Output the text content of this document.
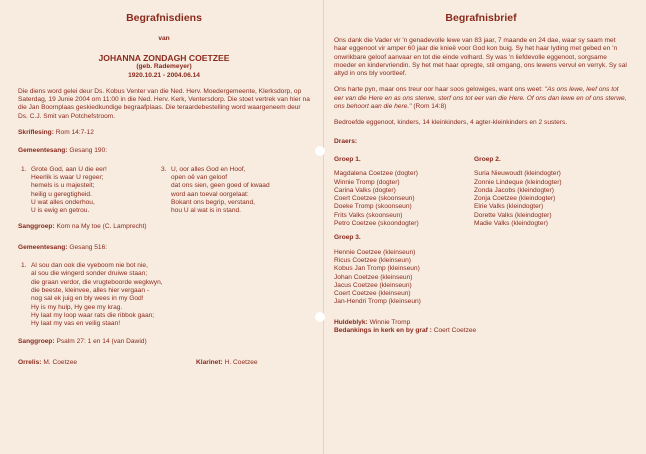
Begrafnisdiens

van

JOHANNA ZONDAGH COETZEE

(geb. Rademeyer)

1920.10.21 - 2004.06.14

Die diens word gelei deur Ds. Kobus Venter van die Ned. Herv. Moedergemeente, Klerksdorp, op Saterdag, 19 Junie 2004 om 11:00 in die Ned. Herv. Kerk, Ventersdorp. Die stoet vertrek van hier na die Jan Boomplaas geskiedkundige begraafplaas. Die teraardebestelling word waargeneem deur Ds. C.J. Smit van Potchefstroom.

Skriflesing: Rom 14:7-12

Gemeentesang: Gesang 190:

1. Grote God, aan U die eer!
Heerlik is waar U regeer;
hemels is u majesteit;
heilig u geregtigheid.
U wat alles onderhou,
U is ewig en getrou.
3. U, oor alles God en Hoof,
open oë van geloof
dat ons sien, geen goed of kwaad
word aan toeval oorgelaat:
Bokant ons begrip, verstand,
hou U al wat is in stand.

Sanggroep: Kom na My toe (C. Lamprecht)

Gemeentesang: Gesang 516:

1. Al sou dan ook die vyeboom nie bot nie,
al sou die wingerd sonder druiwe staan;
die graan verdor, die vrugteboorde wegkwyn,
die beeste, kleinvee, alles hier vergaan -
nog sal ek juig en bly wees in my God!
Hy is my hulp, Hy gee my krag.
Hy laat my loop waar rats die ribbok gaan;
Hy laat my vas en veilig staan!

Sanggroep: Psalm 27: 1 en 14 (van Dawid)

Orrelis: M. Coetzee	Klarinet: H. Coetzee

Begrafnisbrief

Ons dank die Vader vir 'n genadevolle lewe van 83 jaar, 7 maande en 24 dae, waar sy saam met haar eggenoot vir amper 60 jaar die knieë voor God kon buig. Sy het haar lyding met gebed en 'n onwrikbare geloof aanvaar en tot die einde volhard. Sy was 'n liefdevolle eggenoot, sorgsame moeder en kindervriendin. Sy het met haar opregte, stil omgang, ons lewens vervul en verryk. Sy sal altyd in ons bly voortleef.

Ons harte pyn, maar ons treur oor haar soos gelowiges, want ons weet: "As ons lewe, leef ons tot eer van die Here en as ons sterwe, sterf ons tot eer van die Here. Of ons dan lewe en of ons sterwe, ons behoort aan die here." (Rom 14:8)

Bedroefde eggenoot, kinders, 14 kleinkinders, 4 agter-kleinkinders en 2 susters.

Draers:

Groep 1.

Magdalena Coetzee (dogter)

Winnie Tromp (dogter)

Carina Valks (dogter)

Coert Coetzee (skoonseun)

Doeke Tromp (skoonseun)

Frits Valks (skoonseun)

Petro Coetzee (skoondogter)

Groep 2.

Suria Nieuwoudt (kleindogter)

Zonnie Lindeque (kleindogter)

Zonda Jacobs (kleindogter)

Zonja Coetzee (kleindogter)

Elrie Valks (kleindogter)

Dorette Valks (kleindogter)

Madie Valks (kleindogter)

Groep 3.

Hennie Coetzee (kleinseun)

Ricus Coetzee (kleinseun)

Kobus Jan Tromp (kleinseun)

Johan Coetzee (kleinseun)

Jacus Coetzee (kleinseun)

Coert Coetzee (kleinseun)

Jan-Hendri Tromp (kleinseun)

Huldeblyk: Winnie Tromp

Bedankings in kerk en by graf : Coert Coetzee
